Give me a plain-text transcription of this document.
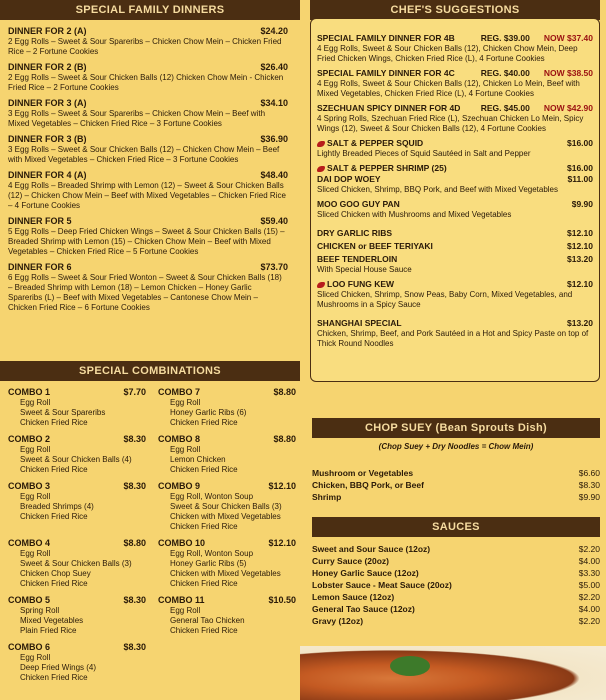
SPECIAL FAMILY DINNERS
DINNER FOR 2 (A)	$24.20
2 Egg Rolls – Sweet & Sour Spareribs – Chicken Chow Mein – Chicken Fried Rice – 2 Fortune Cookies
DINNER FOR 2 (B)	$26.40
2 Egg Rolls – Sweet & Sour Chicken Balls (12) Chicken Chow Mein - Chicken Fried Rice – 2 Fortune Cookies
DINNER FOR 3 (A)	$34.10
3 Egg Rolls – Sweet & Sour Spareribs – Chicken Chow Mein – Beef with Mixed Vegetables – Chicken Fried Rice – 3 Fortune Cookies
DINNER FOR 3 (B)	$36.90
3 Egg Rolls – Sweet & Sour Chicken Balls (12) – Chicken Chow Mein – Beef with Mixed Vegetables – Chicken Fried Rice – 3 Fortune Cookies
DINNER FOR 4 (A)	$48.40
4 Egg Rolls – Breaded Shrimp with Lemon (12) – Sweet & Sour Chicken Balls (12) – Chicken Chow Mein – Beef with Mixed Vegetables – Chicken Fried Rice – 4 Fortune Cookies
DINNER FOR 5	$59.40
5 Egg Rolls – Deep Fried Chicken Wings – Sweet & Sour Chicken Balls (15) – Breaded Shrimp with Lemon (15) – Chicken Chow Mein – Beef with Mixed Vegetables – Chicken Fried Rice – 5 Fortune Cookies
DINNER FOR 6	$73.70
6 Egg Rolls – Sweet & Sour Fried Wonton – Sweet & Sour Chicken Balls (18) – Breaded Shrimp with Lemon (18) – Lemon Chicken – Honey Garlic Spareribs (L) – Beef with Mixed Vegetables – Cantonese Chow Mein – Chicken Fried Rice – 6 Fortune Cookies
SPECIAL COMBINATIONS
COMBO 1	$7.70
Egg Roll
Sweet & Sour Spareribs
Chicken Fried Rice
COMBO 7	$8.80
Egg Roll
Honey Garlic Ribs (6)
Chicken Fried Rice
COMBO 2	$8.30
Egg Roll
Sweet & Sour Chicken Balls (4)
Chicken Fried Rice
COMBO 8	$8.80
Egg Roll
Lemon Chicken
Chicken Fried Rice
COMBO 3	$8.30
Egg Roll
Breaded Shrimps (4)
Chicken Fried Rice
COMBO 9	$12.10
Egg Roll, Wonton Soup
Sweet & Sour Chicken Balls (3)
Chicken with Mixed Vegetables
Chicken Fried Rice
COMBO 4	$8.80
Egg Roll
Sweet & Sour Chicken Balls (3)
Chicken Chop Suey
Chicken Fried Rice
COMBO 10	$12.10
Egg Roll, Wonton Soup
Honey Garlic Ribs (5)
Chicken with Mixed Vegetables
Chicken Fried Rice
COMBO 5	$8.30
Spring Roll
Mixed Vegetables
Plain Fried Rice
COMBO 11	$10.50
Egg Roll
General Tao Chicken
Chicken Fried Rice
COMBO 6	$8.30
Egg Roll
Deep Fried Wings (4)
Chicken Fried Rice
CHEF'S SUGGESTIONS
SPECIAL FAMILY DINNER FOR 4B	REG. $39.00 NOW $37.40
4 Egg Rolls, Sweet & Sour Chicken Balls (12), Chicken Chow Mein, Deep Fried Chicken Wings, Chicken Fried Rice (L), 4 Fortune Cookies
SPECIAL FAMILY DINNER FOR 4C	REG. $40.00 NOW $38.50
4 Egg Rolls, Sweet & Sour Chicken Balls (12), Chicken Lo Mein, Beef with Mixed Vegetables, Chicken Fried Rice (L), 4 Fortune Cookies
SZECHUAN SPICY DINNER FOR 4D REG. $45.00 NOW $42.90
4 Spring Rolls, Szechuan Fried Rice (L), Szechuan Chicken Lo Mein, Spicy Wings (12), Sweet & Sour Chicken Balls (12), 4 Fortune Cookies
SALT & PEPPER SQUID	$16.00
Lightly Breaded Pieces of Squid Sautéed in Salt and Pepper
SALT & PEPPER SHRIMP (25)	$16.00
DAI DOP WOEY	$11.00
Sliced Chicken, Shrimp, BBQ Pork, and Beef with Mixed Vegetables
MOO GOO GUY PAN	$9.90
Sliced Chicken with Mushrooms and Mixed Vegetables
DRY GARLIC RIBS	$12.10
CHICKEN or BEEF TERIYAKI	$12.10
BEEF TENDERLOIN	$13.20
With Special House Sauce
LOO FUNG KEW	$12.10
Sliced Chicken, Shrimp, Snow Peas, Baby Corn, Mixed Vegetables, and Mushrooms in a Spicy Sauce
SHANGHAI SPECIAL	$13.20
Chicken, Shrimp, Beef, and Pork Sautéed in a Hot and Spicy Paste on top of Thick Round Noodles
CHOP SUEY (Bean Sprouts Dish)
(Chop Suey + Dry Noodles = Chow Mein)
Mushroom or Vegetables	$6.60
Chicken, BBQ Pork, or Beef	$8.30
Shrimp	$9.90
SAUCES
Sweet and Sour Sauce (12oz)	$2.20
Curry Sauce (20oz)	$4.00
Honey Garlic Sauce (12oz)	$3.30
Lobster Sauce - Meat Sauce (20oz)	$5.00
Lemon Sauce (12oz)	$2.20
General Tao Sauce (12oz)	$4.00
Gravy (12oz)	$2.20
